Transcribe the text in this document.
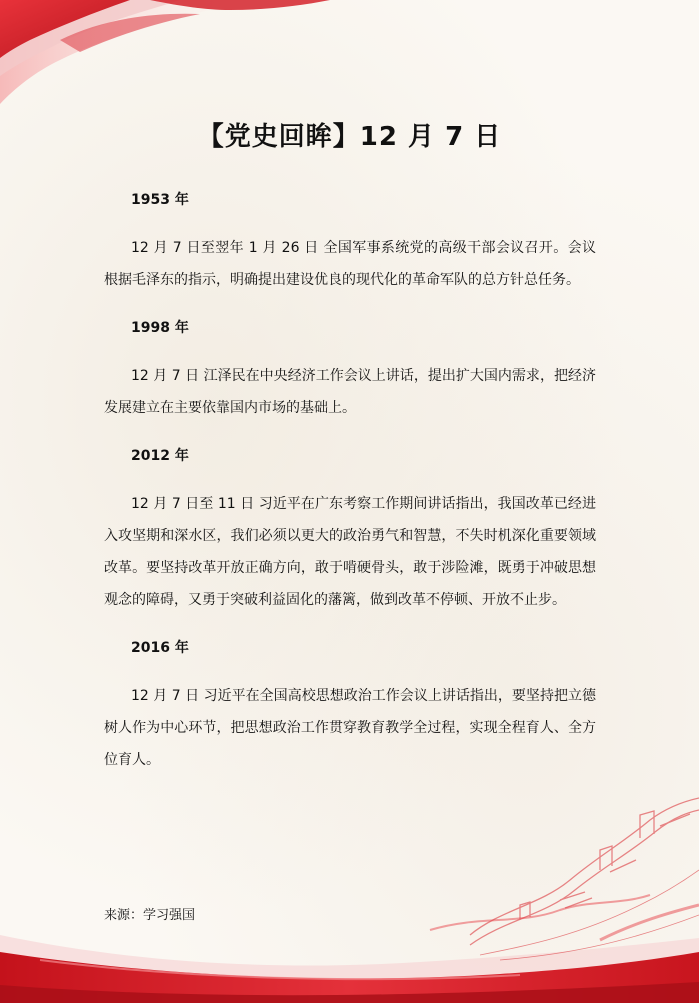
【党史回眸】12 月 7 日
1953 年
12 月 7 日至翌年 1 月 26 日 全国军事系统党的高级干部会议召开。会议根据毛泽东的指示，明确提出建设优良的现代化的革命军队的总方针总任务。
1998 年
12 月 7 日 江泽民在中央经济工作会议上讲话，提出扩大国内需求，把经济发展建立在主要依靠国内市场的基础上。
2012 年
12 月 7 日至 11 日 习近平在广东考察工作期间讲话指出，我国改革已经进入攻坚期和深水区，我们必须以更大的政治勇气和智慧，不失时机深化重要领域改革。要坚持改革开放正确方向，敢于啃硬骨头，敢于涉险滩，既勇于冲破思想观念的障碍，又勇于突破利益固化的藩篱，做到改革不停顿、开放不止步。
2016 年
12 月 7 日 习近平在全国高校思想政治工作会议上讲话指出，要坚持把立德树人作为中心环节，把思想政治工作贯穿教育教学全过程，实现全程育人、全方位育人。
来源：学习强国
